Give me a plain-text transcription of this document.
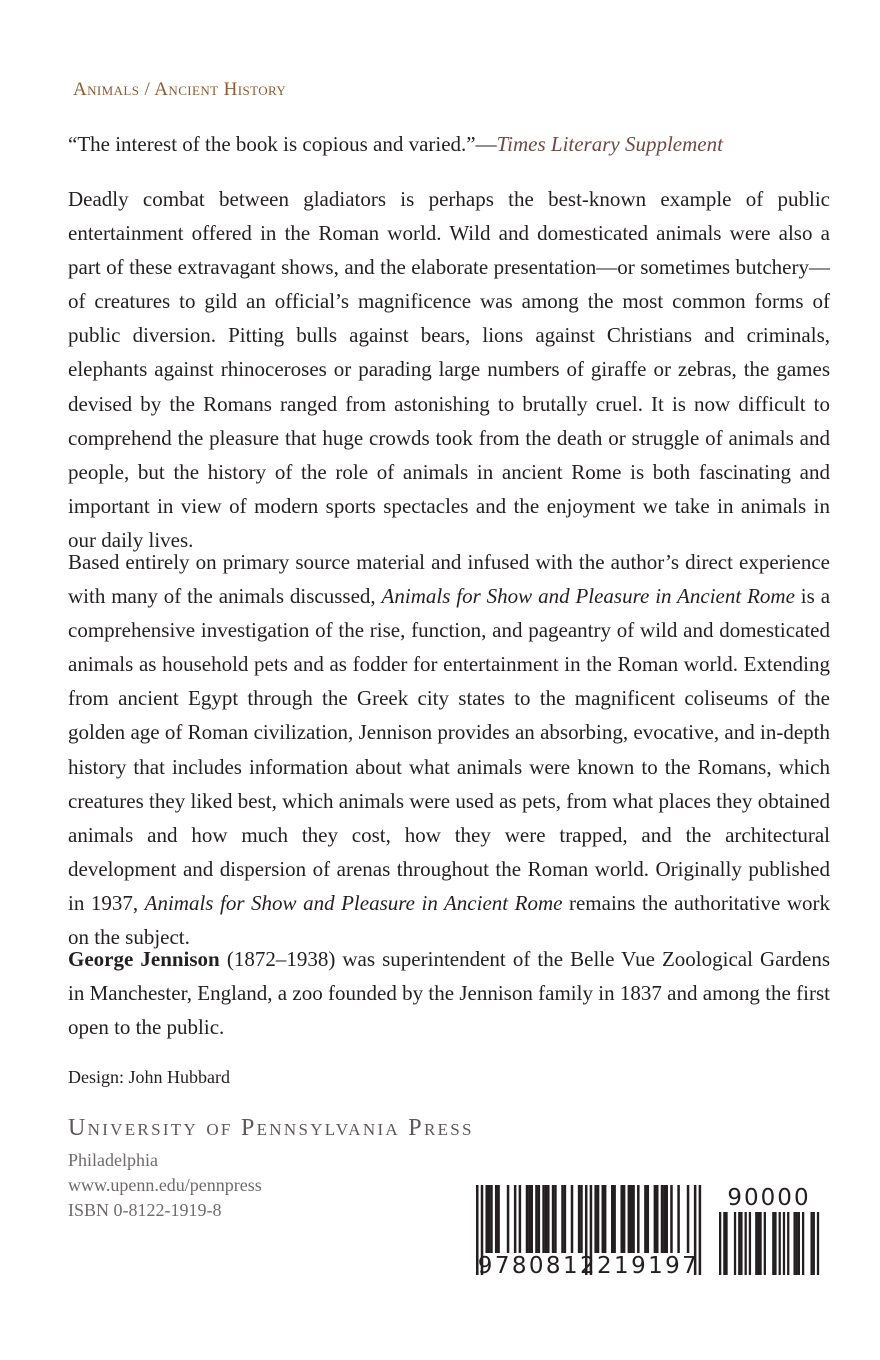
Animals / Ancient History
“The interest of the book is copious and varied.”—Times Literary Supplement
Deadly combat between gladiators is perhaps the best-known example of public entertainment offered in the Roman world. Wild and domesticated animals were also a part of these extravagant shows, and the elaborate presentation—or sometimes butchery—of creatures to gild an official’s magnificence was among the most common forms of public diversion. Pitting bulls against bears, lions against Christians and criminals, elephants against rhinoceroses or parading large numbers of giraffe or zebras, the games devised by the Romans ranged from astonishing to brutally cruel. It is now difficult to comprehend the pleasure that huge crowds took from the death or struggle of animals and people, but the history of the role of animals in ancient Rome is both fascinating and important in view of modern sports spectacles and the enjoyment we take in animals in our daily lives.
Based entirely on primary source material and infused with the author’s direct experience with many of the animals discussed, Animals for Show and Pleasure in Ancient Rome is a comprehensive investigation of the rise, function, and pageantry of wild and domesticated animals as household pets and as fodder for entertainment in the Roman world. Extending from ancient Egypt through the Greek city states to the magnificent coliseums of the golden age of Roman civilization, Jennison provides an absorbing, evocative, and in-depth history that includes information about what animals were known to the Romans, which creatures they liked best, which animals were used as pets, from what places they obtained animals and how much they cost, how they were trapped, and the architectural development and dispersion of arenas throughout the Roman world. Originally published in 1937, Animals for Show and Pleasure in Ancient Rome remains the authoritative work on the subject.
George Jennison (1872–1938) was superintendent of the Belle Vue Zoological Gardens in Manchester, England, a zoo founded by the Jennison family in 1837 and among the first open to the public.
Design: John Hubbard
University of Pennsylvania Press
Philadelphia
www.upenn.edu/pennpress
ISBN 0-8122-1919-8
9780812219197
90000
